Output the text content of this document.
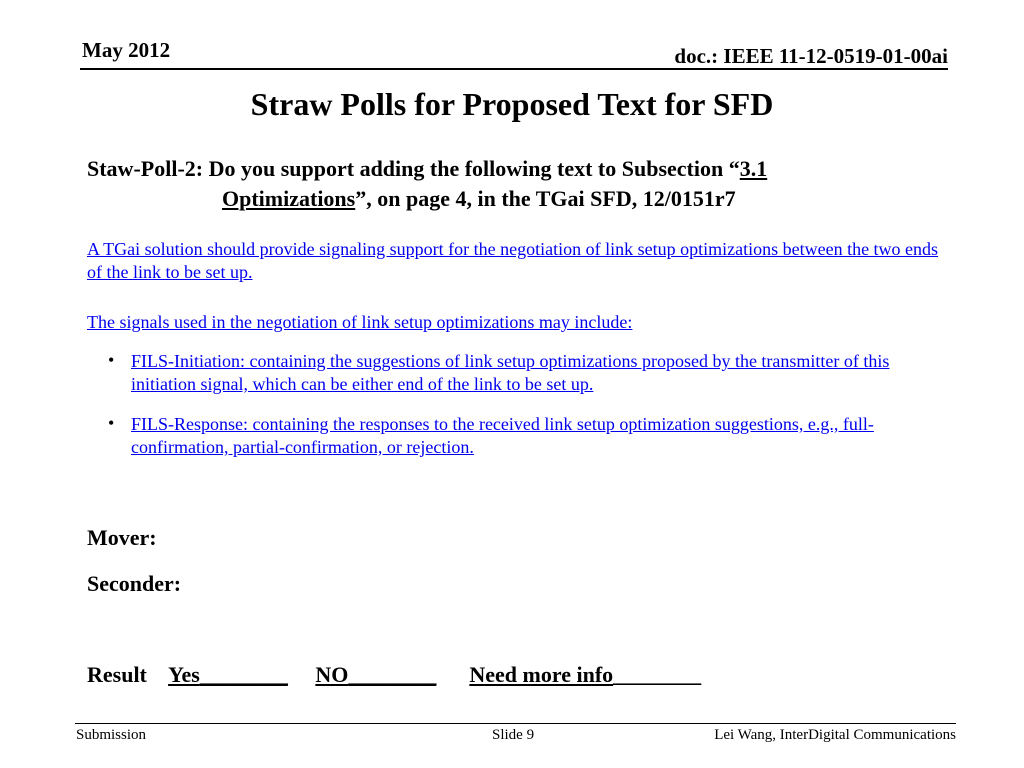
May 2012	doc.: IEEE 11-12-0519-01-00ai
Straw Polls for Proposed Text for SFD
Staw-Poll-2: Do you support adding the following text to Subsection “3.1
Optimizations”, on page 4, in the TGai SFD, 12/0151r7
A TGai solution should provide signaling support for the negotiation of link setup optimizations between the two ends of the link to be set up.
The signals used in the negotiation of link setup optimizations may include:
• FILS-Initiation: containing the suggestions of link setup optimizations proposed by the transmitter of this initiation signal, which can be either end of the link to be set up.
• FILS-Response: containing the responses to the received link setup optimization suggestions, e.g., full-confirmation, partial-confirmation, or rejection.
Mover:
Seconder:
Result Yes________ NO________ Need more info________
Submission	Slide 9	Lei Wang, InterDigital Communications
